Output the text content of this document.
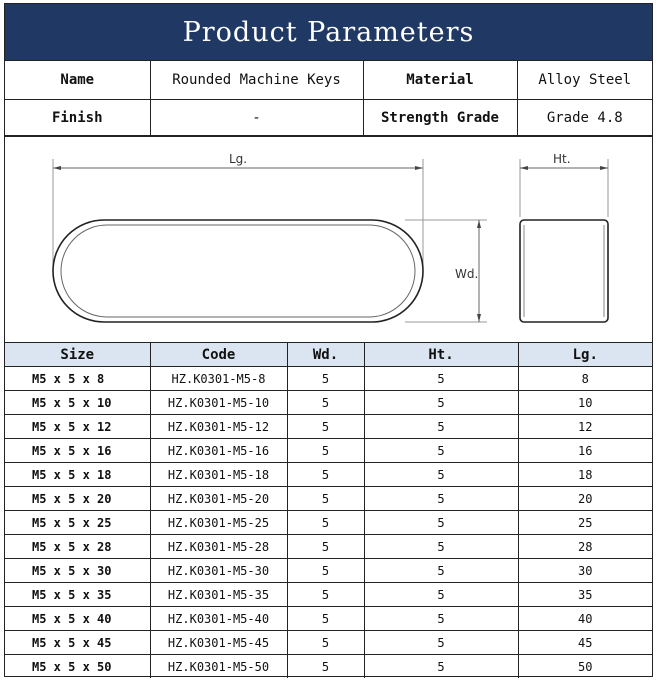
Product Parameters
Name	Rounded Machine Keys	Material	Alloy Steel
Finish	-	Strength Grade	Grade 4.8
Lg.
Wd.
Ht.
Size	Code	Wd.	Ht.	Lg.
M5 x 5 x 8	HZ.K0301-M5-8	5	5	8
M5 x 5 x 10	HZ.K0301-M5-10	5	5	10
M5 x 5 x 12	HZ.K0301-M5-12	5	5	12
M5 x 5 x 16	HZ.K0301-M5-16	5	5	16
M5 x 5 x 18	HZ.K0301-M5-18	5	5	18
M5 x 5 x 20	HZ.K0301-M5-20	5	5	20
M5 x 5 x 25	HZ.K0301-M5-25	5	5	25
M5 x 5 x 28	HZ.K0301-M5-28	5	5	28
M5 x 5 x 30	HZ.K0301-M5-30	5	5	30
M5 x 5 x 35	HZ.K0301-M5-35	5	5	35
M5 x 5 x 40	HZ.K0301-M5-40	5	5	40
M5 x 5 x 45	HZ.K0301-M5-45	5	5	45
M5 x 5 x 50	HZ.K0301-M5-50	5	5	50
